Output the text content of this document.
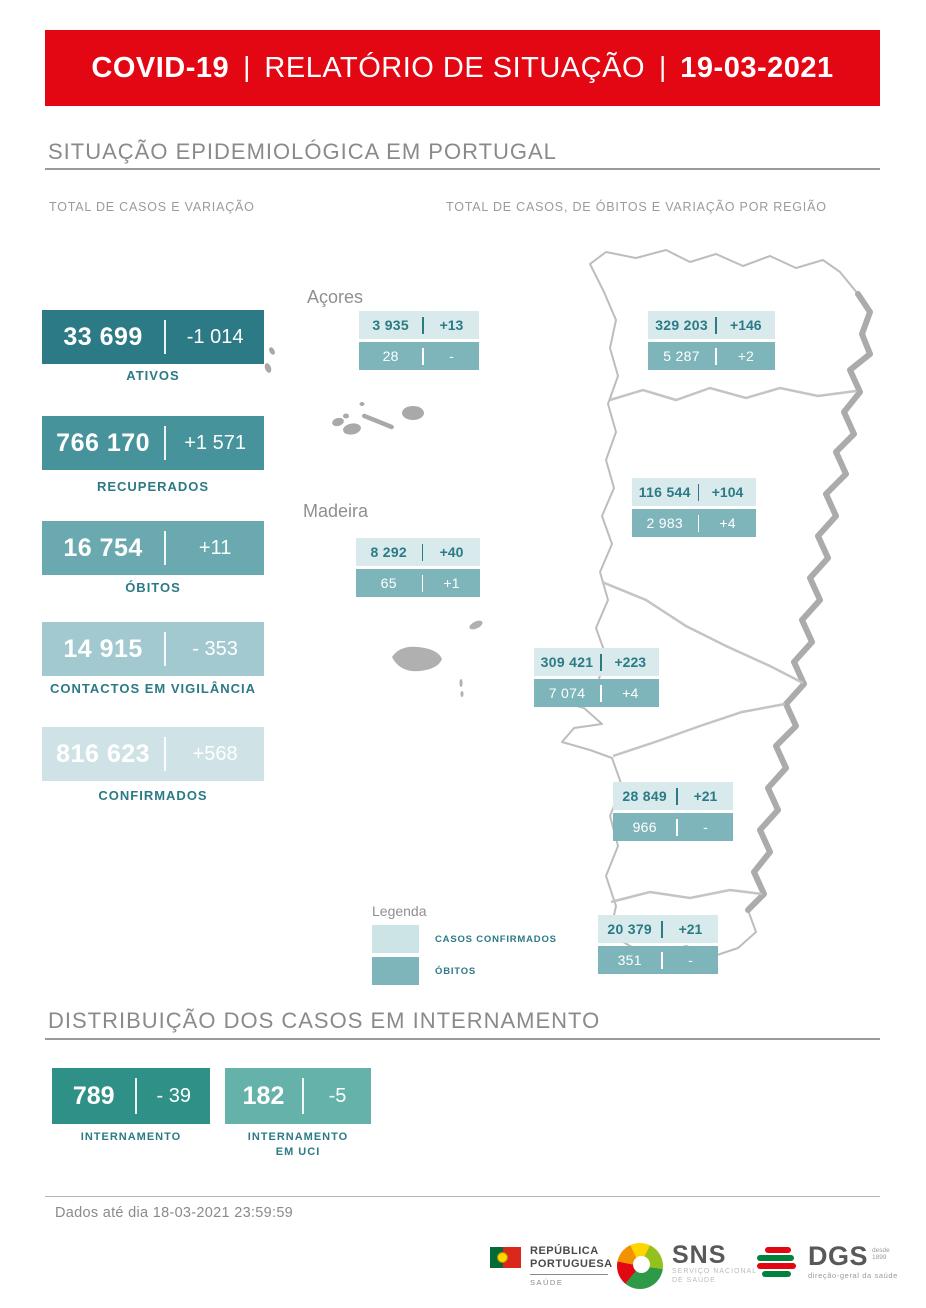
COVID-19 | RELATÓRIO DE SITUAÇÃO | 19-03-2021
SITUAÇÃO EPIDEMIOLÓGICA EM PORTUGAL
TOTAL DE CASOS E VARIAÇÃO	TOTAL DE CASOS, DE ÓBITOS E VARIAÇÃO POR REGIÃO
33 699	-1 014
ATIVOS
766 170	+1 571
RECUPERADOS
16 754	+11
ÓBITOS
14 915	- 353
CONTACTOS EM VIGILÂNCIA
816 623	+568
CONFIRMADOS
Açores
Madeira
3 935	+13
28	-
329 203	+146
5 287	+2
116 544	+104
2 983	+4
8 292	+40
65	+1
309 421	+223
7 074	+4
28 849	+21
966	-
20 379	+21
351	-
Legenda
CASOS CONFIRMADOS
ÓBITOS
DISTRIBUIÇÃO DOS CASOS EM INTERNAMENTO
789	- 39
INTERNAMENTO
182	-5
INTERNAMENTO
EM UCI
Dados até dia 18-03-2021 23:59:59
REPÚBLICA
PORTUGUESA
SAÚDE
SNS
SERVIÇO NACIONAL
DE SAÚDE
DGS desde
1899
direção-geral da saúde
